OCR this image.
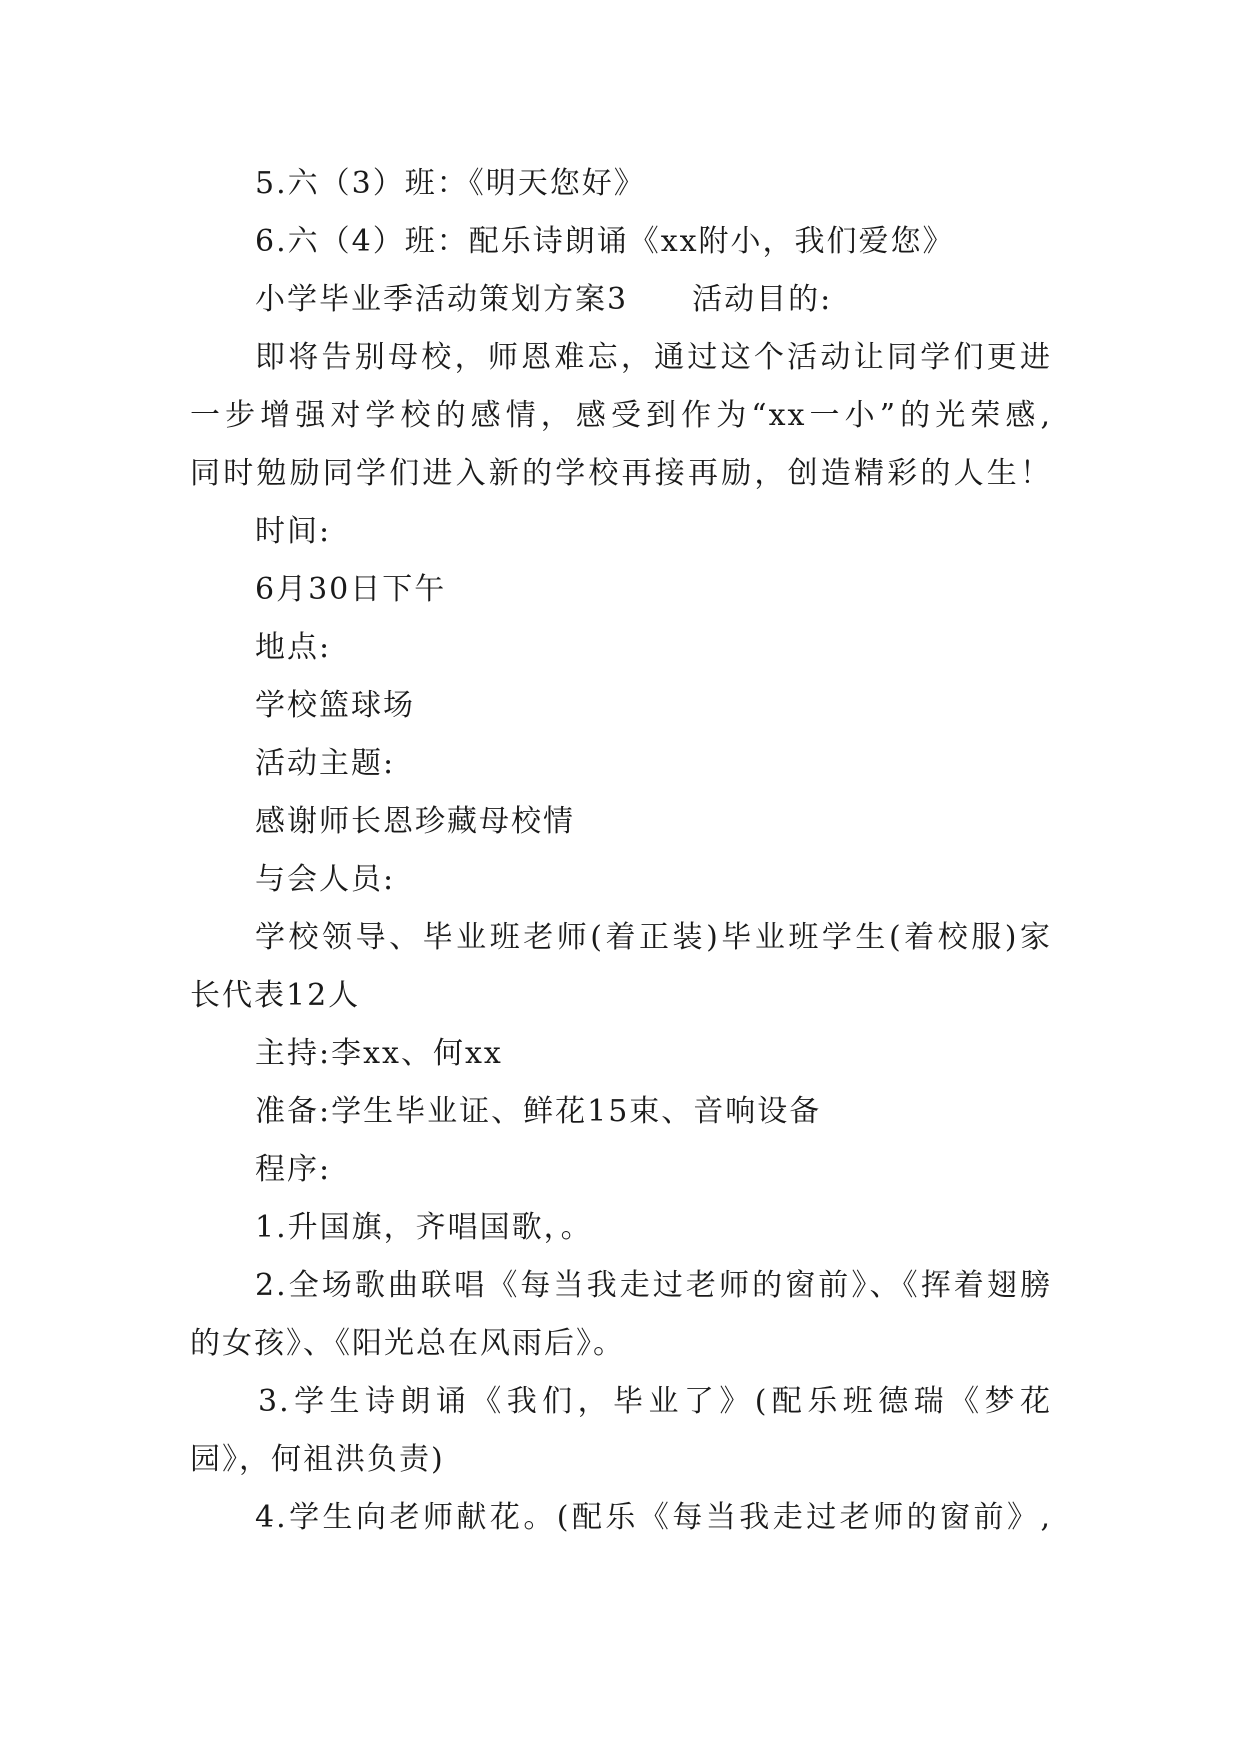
5.六（3）班：《明天您好》
6.六（4）班：配乐诗朗诵《xx附小，我们爱您》
小学毕业季活动策划方案3　　活动目的:
即将告别母校，师恩难忘，通过这个活动让同学们更进
一步增强对学校的感情，感受到作为“xx一小”的光荣感,
同时勉励同学们进入新的学校再接再励，创造精彩的人生！
时间:
6月30日下午
地点:
学校篮球场
活动主题:
感谢师长恩珍藏母校情
与会人员:
学校领导、毕业班老师(着正装)毕业班学生(着校服)家
长代表12人
主持:李xx、何xx
准备:学生毕业证、鲜花15束、音响设备
程序:
1.升国旗，齐唱国歌，。
2.全场歌曲联唱《每当我走过老师的窗前》、《挥着翅膀
的女孩》、《阳光总在风雨后》。
3.学生诗朗诵《我们，毕业了》(配乐班德瑞《梦花
园》，何祖洪负责)
4.学生向老师献花。(配乐《每当我走过老师的窗前》,
